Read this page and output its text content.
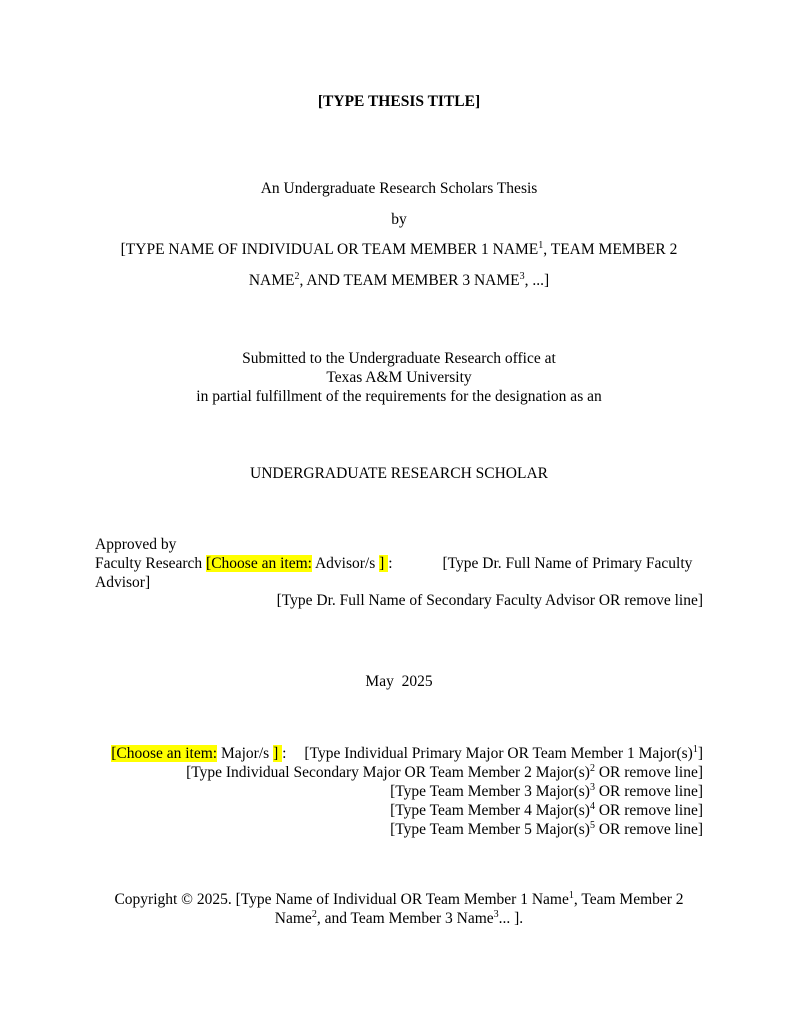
[TYPE THESIS TITLE]
An Undergraduate Research Scholars Thesis
by
[TYPE NAME OF INDIVIDUAL OR TEAM MEMBER 1 NAME$^1$, TEAM MEMBER 2
NAME$^2$, AND TEAM MEMBER 3 NAME$^3$, ...]
Submitted to the Undergraduate Research office at
Texas A&M University
in partial fulfillment of the requirements for the designation as an
UNDERGRADUATE RESEARCH SCHOLAR
Approved by
Faculty Research [Choose an item: Advisor/s ] :	[Type Dr. Full Name of Primary Faculty
Advisor]
[Type Dr. Full Name of Secondary Faculty Advisor OR remove line]
May  2025
[Choose an item: Major/s ] : [Type Individual Primary Major OR Team Member 1 $Major(s)^1$]
[Type Individual Secondary Major OR Team Member 2 $Major(s)^2$ OR remove line]
[Type Team Member 3 $Major(s)^3$ OR remove line]
[Type Team Member 4 $Major(s)^4$ OR remove line]
[Type Team Member 5 $Major(s)^5$ OR remove line]
Copyright © 2025. [Type Name of Individual OR Team Member 1 Name$^1$, Team Member 2
Name$^2$, and Team Member 3 Name$^3$... ].
